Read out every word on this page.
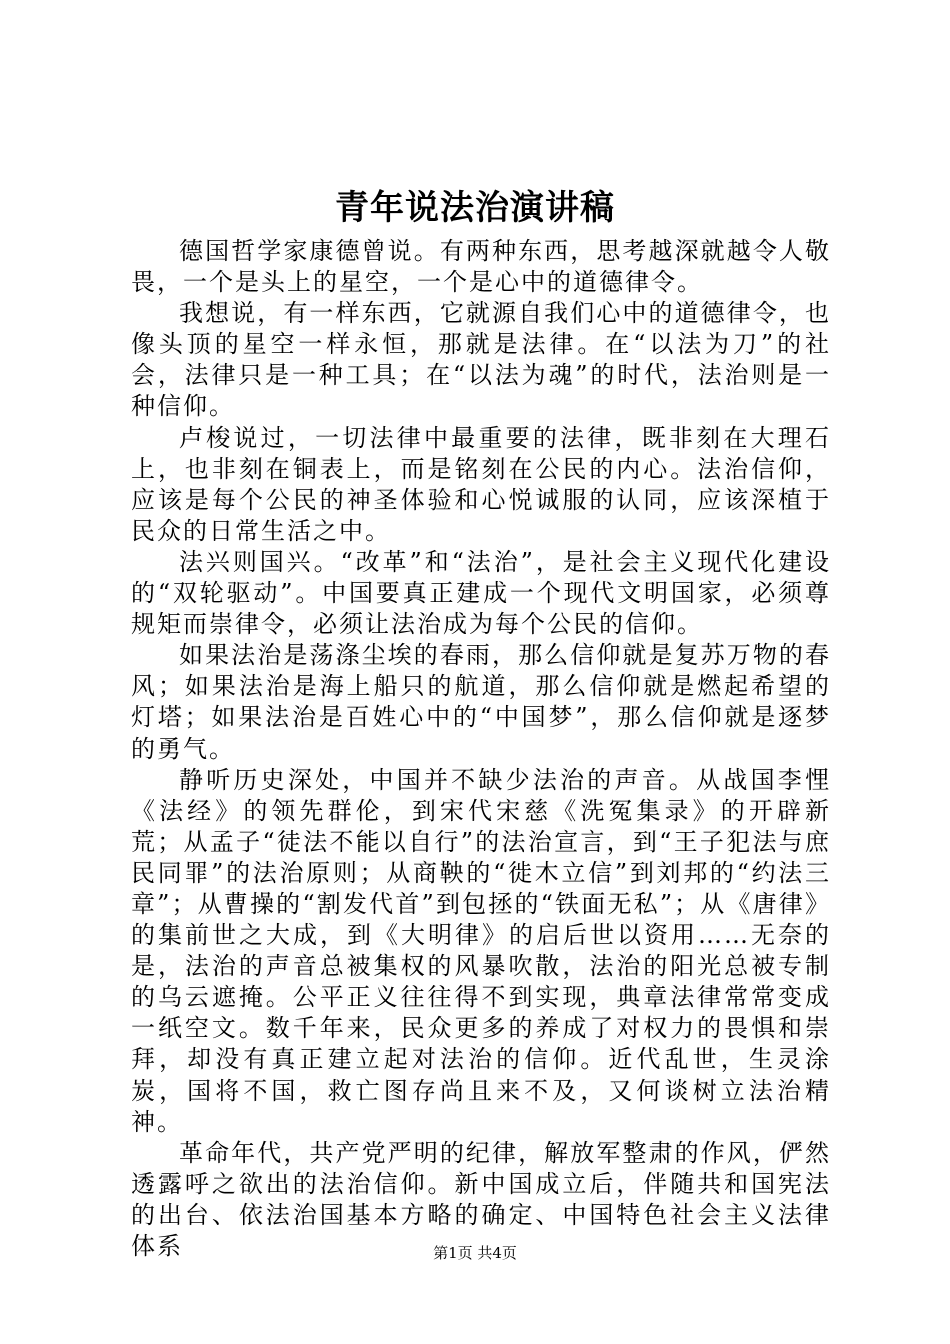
青年说法治演讲稿

德国哲学家康德曾说。有两种东西，思考越深就越令人敬畏，一个是头上的星空，一个是心中的道德律令。

我想说，有一样东西，它就源自我们心中的道德律令，也像头顶的星空一样永恒，那就是法律。在“以法为刀”的社会，法律只是一种工具；在“以法为魂”的时代，法治则是一种信仰。

卢梭说过，一切法律中最重要的法律，既非刻在大理石上，也非刻在铜表上，而是铭刻在公民的内心。法治信仰，应该是每个公民的神圣体验和心悦诚服的认同，应该深植于民众的日常生活之中。

法兴则国兴。“改革”和“法治”，是社会主义现代化建设的“双轮驱动”。中国要真正建成一个现代文明国家，必须尊规矩而崇律令，必须让法治成为每个公民的信仰。

如果法治是荡涤尘埃的春雨，那么信仰就是复苏万物的春风；如果法治是海上船只的航道，那么信仰就是燃起希望的灯塔；如果法治是百姓心中的“中国梦”，那么信仰就是逐梦的勇气。

静听历史深处，中国并不缺少法治的声音。从战国李悝《法经》的领先群伦，到宋代宋慈《洗冤集录》的开辟新荒；从孟子“徒法不能以自行”的法治宣言，到“王子犯法与庶民同罪”的法治原则；从商鞅的“徙木立信”到刘邦的“约法三章”；从曹操的“割发代首”到包拯的“铁面无私”；从《唐律》的集前世之大成，到《大明律》的启后世以资用……无奈的是，法治的声音总被集权的风暴吹散，法治的阳光总被专制的乌云遮掩。公平正义往往得不到实现，典章法律常常变成一纸空文。数千年来，民众更多的养成了对权力的畏惧和崇拜，却没有真正建立起对法治的信仰。近代乱世，生灵涂炭，国将不国，救亡图存尚且来不及，又何谈树立法治精神。

革命年代，共产党严明的纪律，解放军整肃的作风，俨然透露呼之欲出的法治信仰。新中国成立后，伴随共和国宪法的出台、依法治国基本方略的确定、中国特色社会主义法律体系	第1页 共4页
